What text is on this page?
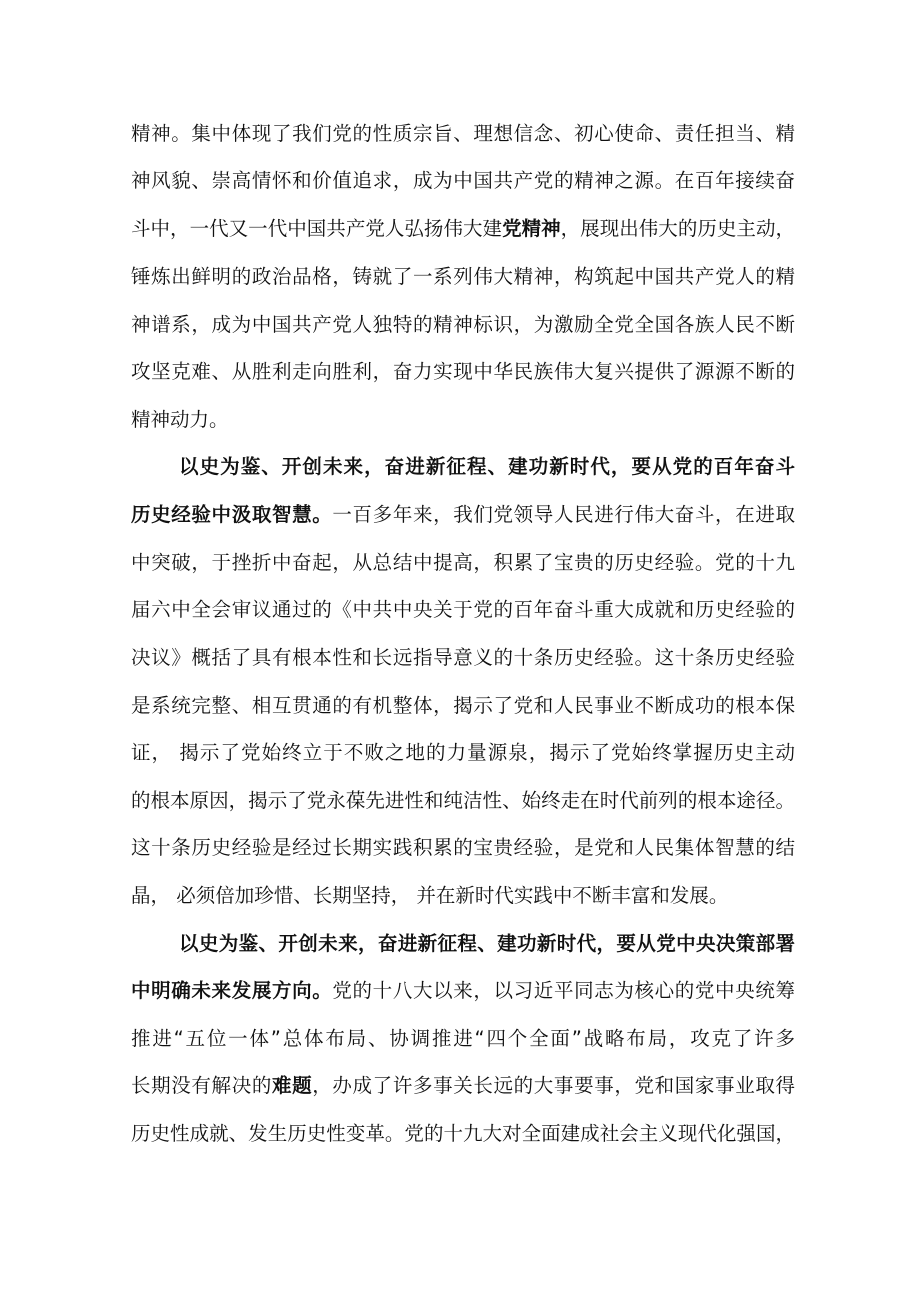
精神。集中体现了我们党的性质宗旨、理想信念、初心使命、责任担当、精
神风貌、崇高情怀和价值追求，成为中国共产党的精神之源。在百年接续奋
斗中，一代又一代中国共产党人弘扬伟大建党精神，展现出伟大的历史主动，
锤炼出鲜明的政治品格，铸就了一系列伟大精神，构筑起中国共产党人的精
神谱系，成为中国共产党人独特的精神标识，为激励全党全国各族人民不断
攻坚克难、从胜利走向胜利，奋力实现中华民族伟大复兴提供了源源不断的
精神动力。
以史为鉴、开创未来，奋进新征程、建功新时代，要从党的百年奋斗
历史经验中汲取智慧。一百多年来，我们党领导人民进行伟大奋斗，在进取
中突破，于挫折中奋起，从总结中提高，积累了宝贵的历史经验。党的十九
届六中全会审议通过的《中共中央关于党的百年奋斗重大成就和历史经验的
决议》概括了具有根本性和长远指导意义的十条历史经验。这十条历史经验
是系统完整、相互贯通的有机整体，揭示了党和人民事业不断成功的根本保
证， 揭示了党始终立于不败之地的力量源泉，揭示了党始终掌握历史主动
的根本原因，揭示了党永葆先进性和纯洁性、始终走在时代前列的根本途径。
这十条历史经验是经过长期实践积累的宝贵经验，是党和人民集体智慧的结
晶， 必须倍加珍惜、长期坚持， 并在新时代实践中不断丰富和发展。
以史为鉴、开创未来，奋进新征程、建功新时代，要从党中央决策部署
中明确未来发展方向。党的十八大以来，以习近平同志为核心的党中央统筹
推进“五位一体”总体布局、协调推进“四个全面”战略布局，攻克了许多
长期没有解决的难题，办成了许多事关长远的大事要事，党和国家事业取得
历史性成就、发生历史性变革。党的十九大对全面建成社会主义现代化强国，
